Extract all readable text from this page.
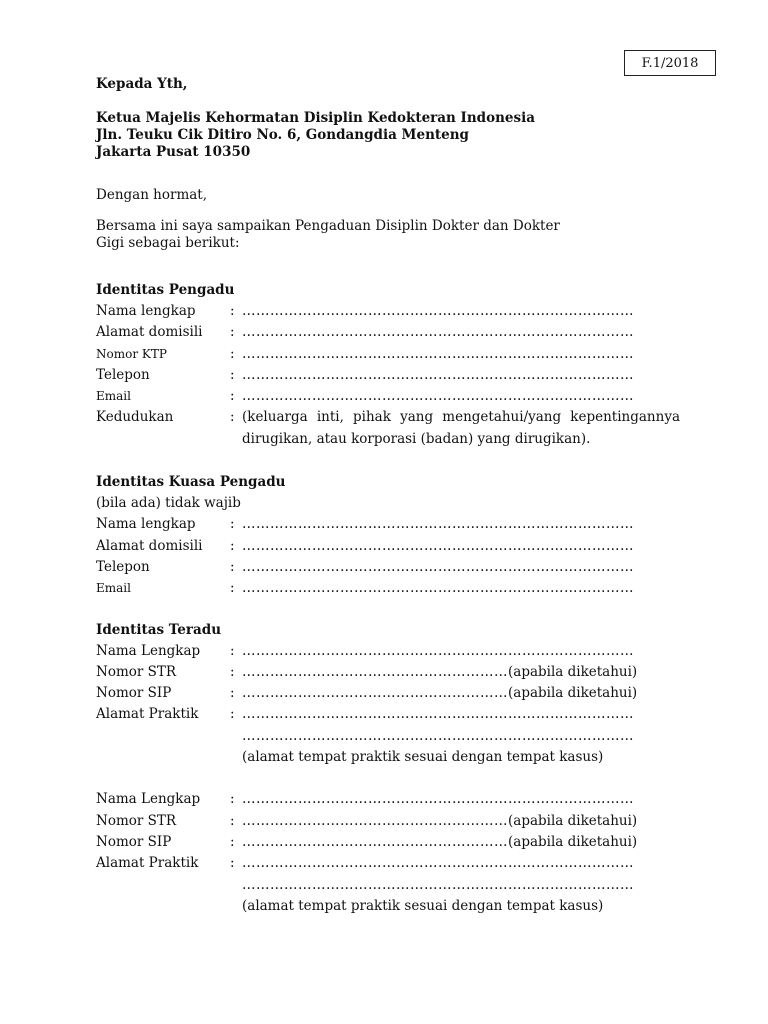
F.1/2018
Kepada Yth,
Ketua Majelis Kehormatan Disiplin Kedokteran Indonesia
Jln. Teuku Cik Ditiro No. 6, Gondangdia Menteng
Jakarta Pusat 10350
Dengan hormat,
Bersama ini saya sampaikan Pengaduan Disiplin Dokter dan Dokter
Gigi sebagai berikut:
Identitas Pengadu
Nama lengkap	: …………………………………………………………………………
Alamat domisili	: …………………………………………………………………………
Nomor KTP	: …………………………………………………………………………
Telepon	: …………………………………………………………………………
Email	: …………………………………………………………………………
Kedudukan	: (keluarga inti, pihak yang mengetahui/yang kepentingannya dirugikan, atau korporasi (badan) yang dirugikan).
Identitas Kuasa Pengadu
(bila ada) tidak wajib
Nama lengkap	: …………………………………………………………………………
Alamat domisili	: …………………………………………………………………………
Telepon	: …………………………………………………………………………
Email	: …………………………………………………………………………
Identitas Teradu
Nama Lengkap	: …………………………………………………………………………
Nomor STR	: …………………………………………………(apabila diketahui)
Nomor SIP	: …………………………………………………(apabila diketahui)
Alamat Praktik	: …………………………………………………………………………
…………………………………………………………………………
(alamat tempat praktik sesuai dengan tempat kasus)
Nama Lengkap	: …………………………………………………………………………
Nomor STR	: …………………………………………………(apabila diketahui)
Nomor SIP	: …………………………………………………(apabila diketahui)
Alamat Praktik	: …………………………………………………………………………
…………………………………………………………………………
(alamat tempat praktik sesuai dengan tempat kasus)
